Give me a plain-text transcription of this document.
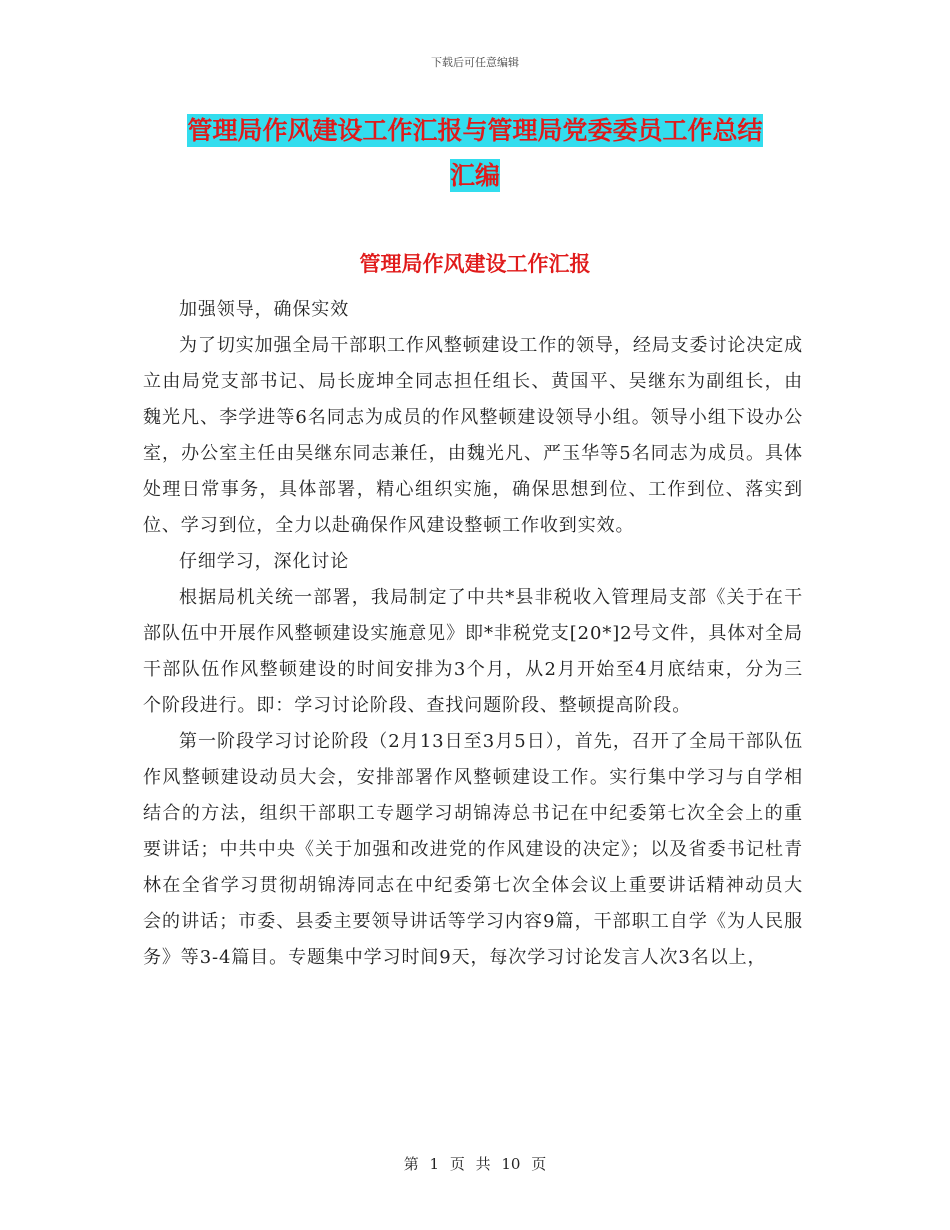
下载后可任意编辑
管理局作风建设工作汇报与管理局党委委员工作总结
汇编
管理局作风建设工作汇报

加强领导，确保实效

为了切实加强全局干部职工作风整顿建设工作的领导，经局支委讨论决定成立由局党支部书记、局长庞坤全同志担任组长、黄国平、吴继东为副组长，由魏光凡、李学进等6名同志为成员的作风整顿建设领导小组。领导小组下设办公室，办公室主任由吴继东同志兼任，由魏光凡、严玉华等5名同志为成员。具体处理日常事务，具体部署，精心组织实施，确保思想到位、工作到位、落实到位、学习到位，全力以赴确保作风建设整顿工作收到实效。

仔细学习，深化讨论

根据局机关统一部署，我局制定了中共*县非税收入管理局支部《关于在干部队伍中开展作风整顿建设实施意见》即*非税党支[20*]2号文件，具体对全局干部队伍作风整顿建设的时间安排为3个月，从2月开始至4月底结束，分为三个阶段进行。即：学习讨论阶段、查找问题阶段、整顿提高阶段。

第一阶段学习讨论阶段（2月13日至3月5日），首先，召开了全局干部队伍作风整顿建设动员大会，安排部署作风整顿建设工作。实行集中学习与自学相结合的方法，组织干部职工专题学习胡锦涛总书记在中纪委第七次全会上的重要讲话；中共中央《关于加强和改进党的作风建设的决定》；以及省委书记杜青林在全省学习贯彻胡锦涛同志在中纪委第七次全体会议上重要讲话精神动员大会的讲话；市委、县委主要领导讲话等学习内容9篇，干部职工自学《为人民服务》等3-4篇目。专题集中学习时间9天，每次学习讨论发言人次3名以上，

第 1 页 共 10 页
